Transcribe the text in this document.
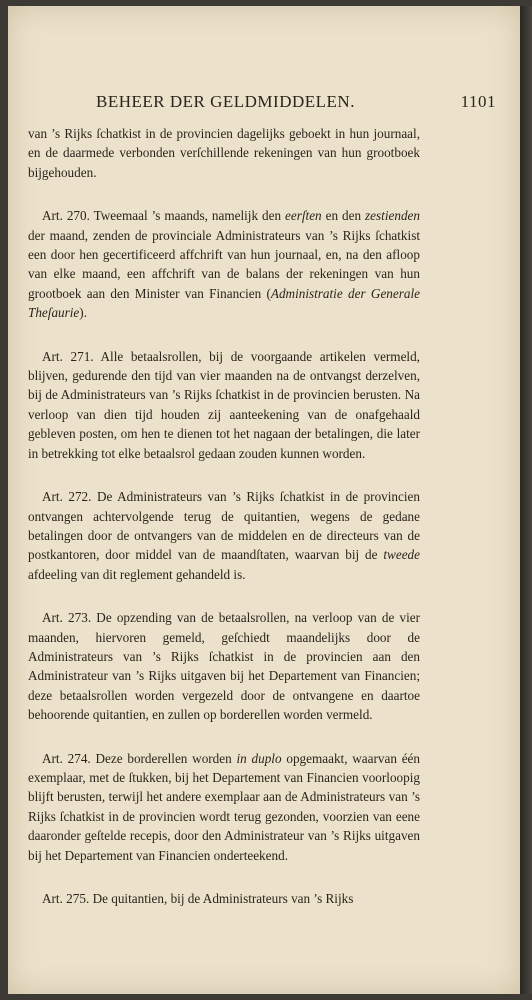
BEHEER DER GELDMIDDELEN.	1101

van ’s Rijks ſchatkist in de provincien dagelijks geboekt in hun journaal, en de daarmede verbonden verſchillende rekeningen van hun grootboek bijgehouden.

Art. 270. Tweemaal ’s maands, namelijk den eerſten en den zestienden der maand, zenden de provinciale Administrateurs van ’s Rijks ſchatkist een door hen gecertificeerd affchrift van hun journaal, en, na den afloop van elke maand, een affchrift van de balans der rekeningen van hun grootboek aan den Minister van Financien (Administratie der Generale Theſaurie).

Art. 271. Alle betaalsrollen, bij de voorgaande artikelen vermeld, blijven, gedurende den tijd van vier maanden na de ontvangst derzelven, bij de Administrateurs van ’s Rijks ſchatkist in de provincien berusten. Na verloop van dien tijd houden zij aanteekening van de onafgehaald gebleven posten, om hen te dienen tot het nagaan der betalingen, die later in betrekking tot elke betaalsrol gedaan zouden kunnen worden.

Art. 272. De Administrateurs van ’s Rijks ſchatkist in de provincien ontvangen achtervolgende terug de quitantien, wegens de gedane betalingen door de ontvangers van de middelen en de directeurs van de postkantoren, door middel van de maandſtaten, waarvan bij de tweede afdeeling van dit reglement gehandeld is.

Art. 273. De opzending van de betaalsrollen, na verloop van de vier maanden, hiervoren gemeld, geſchiedt maandelijks door de Administrateurs van ’s Rijks ſchatkist in de provincien aan den Administrateur van ’s Rijks uitgaven bij het Departement van Financien; deze betaalsrollen worden vergezeld door de ontvangene en daartoe behoorende quitantien, en zullen op borderellen worden vermeld.

Art. 274. Deze borderellen worden in duplo opgemaakt, waarvan één exemplaar, met de ſtukken, bij het Departement van Financien voorloopig blijft berusten, terwijl het andere exemplaar aan de Administrateurs van ’s Rijks ſchatkist in de provincien wordt terug gezonden, voorzien van eene daaronder geſtelde recepis, door den Administrateur van ’s Rijks uitgaven bij het Departement van Financien onderteekend.

Art. 275. De quitantien, bij de Administrateurs van ’s Rijks
